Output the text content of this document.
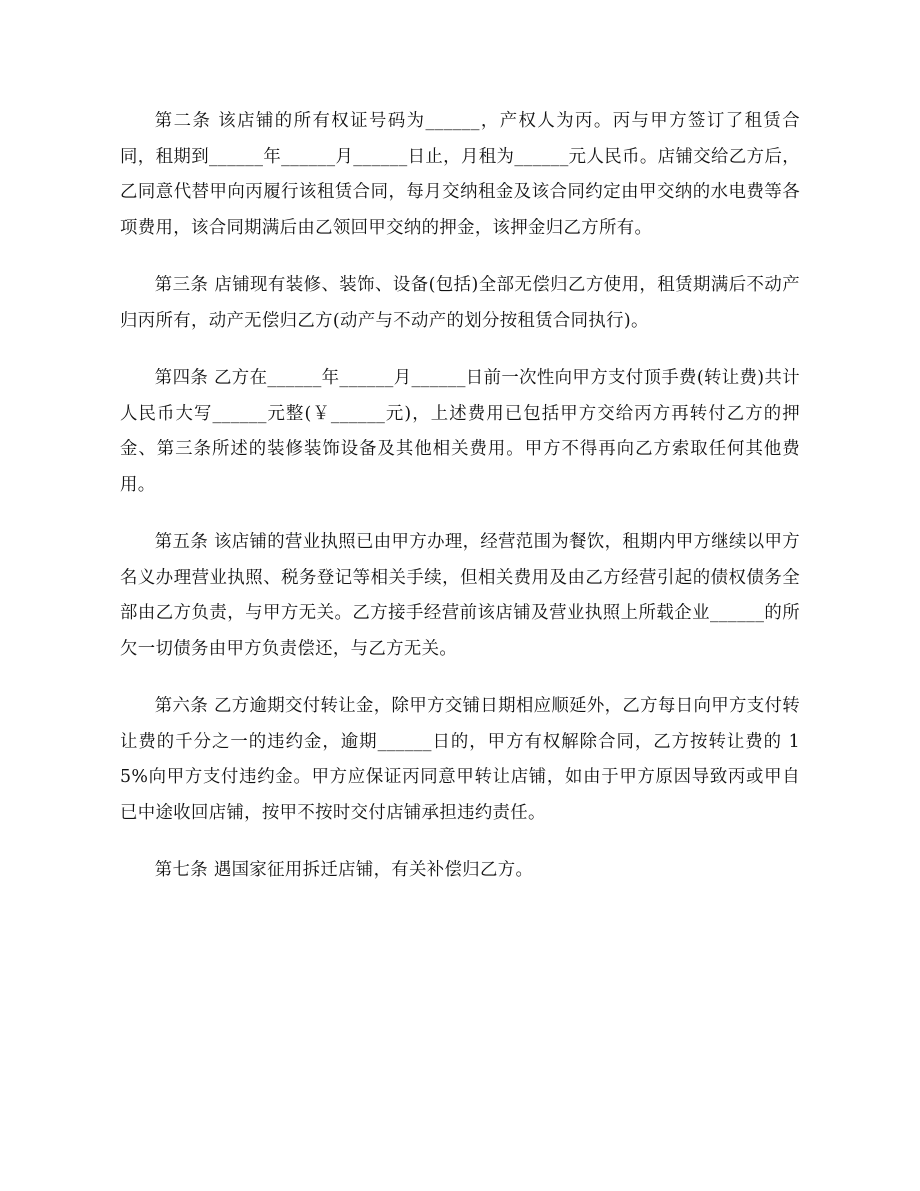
第二条 该店铺的所有权证号码为______，产权人为丙。丙与甲方签订了租赁合同，租期到______年______月______日止，月租为______元人民币。店铺交给乙方后，乙同意代替甲向丙履行该租赁合同，每月交纳租金及该合同约定由甲交纳的水电费等各项费用，该合同期满后由乙领回甲交纳的押金，该押金归乙方所有。

第三条 店铺现有装修、装饰、设备(包括)全部无偿归乙方使用，租赁期满后不动产归丙所有，动产无偿归乙方(动产与不动产的划分按租赁合同执行)。

第四条 乙方在______年______月______日前一次性向甲方支付顶手费(转让费)共计人民币大写______元整(￥______元)，上述费用已包括甲方交给丙方再转付乙方的押金、第三条所述的装修装饰设备及其他相关费用。甲方不得再向乙方索取任何其他费用。

第五条 该店铺的营业执照已由甲方办理，经营范围为餐饮，租期内甲方继续以甲方名义办理营业执照、税务登记等相关手续，但相关费用及由乙方经营引起的债权债务全部由乙方负责，与甲方无关。乙方接手经营前该店铺及营业执照上所载企业______的所欠一切债务由甲方负责偿还，与乙方无关。

第六条 乙方逾期交付转让金，除甲方交铺日期相应顺延外，乙方每日向甲方支付转让费的千分之一的违约金，逾期______日的，甲方有权解除合同，乙方按转让费的 15%向甲方支付违约金。甲方应保证丙同意甲转让店铺，如由于甲方原因导致丙或甲自已中途收回店铺，按甲不按时交付店铺承担违约责任。

第七条 遇国家征用拆迁店铺，有关补偿归乙方。
